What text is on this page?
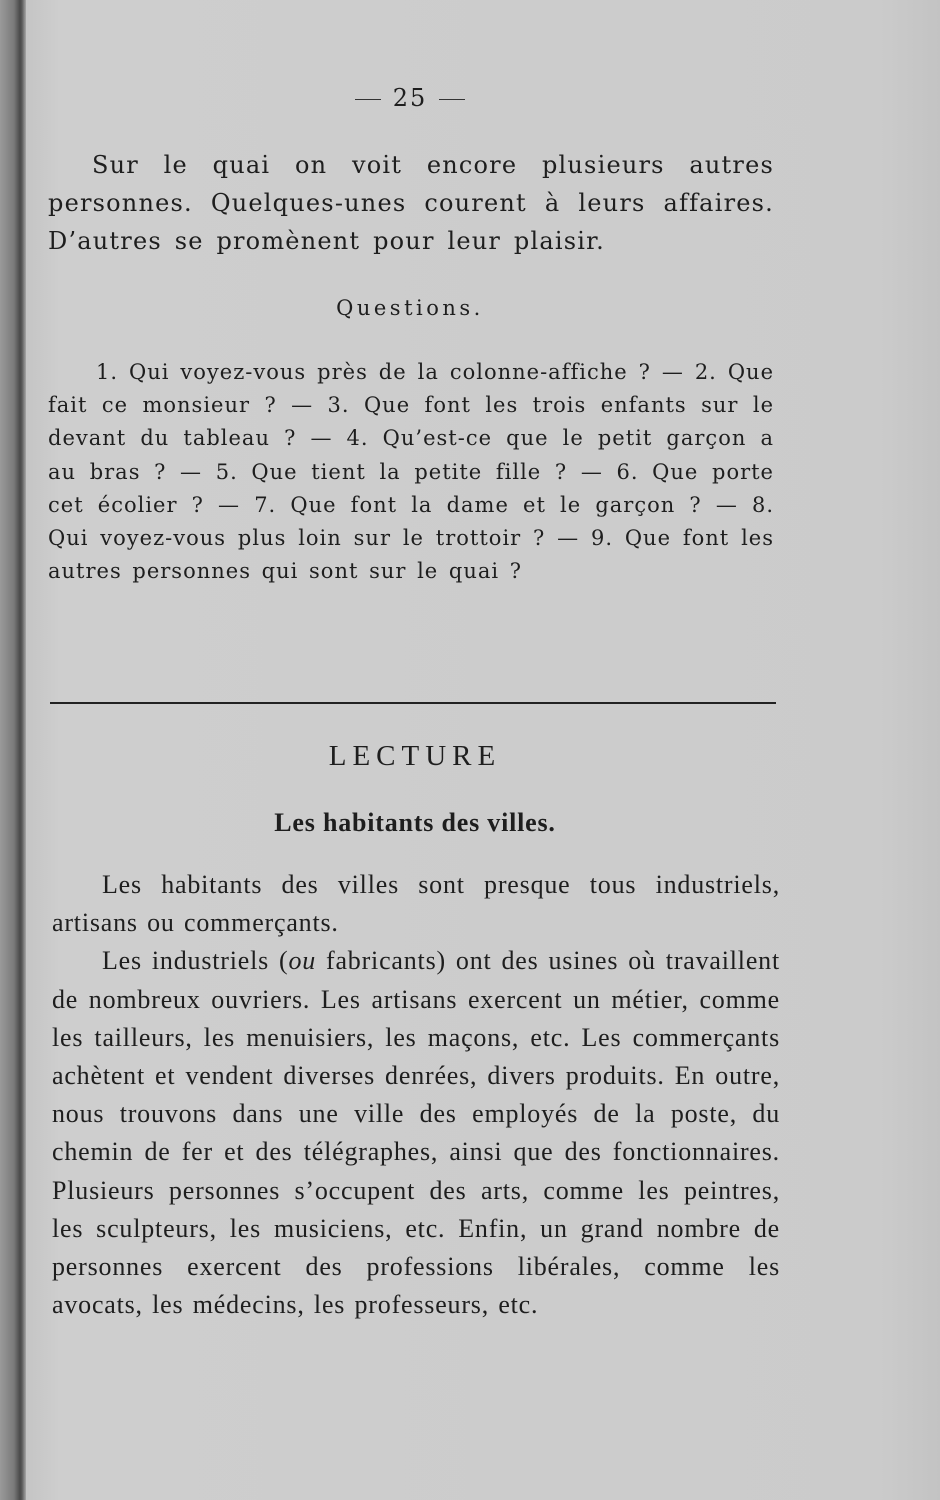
25
Sur le quai on voit encore plusieurs autres personnes. Quelques-unes courent à leurs affaires. D’autres se promènent pour leur plaisir.
Questions.
1. Qui voyez-vous près de la colonne-affiche ? — 2. Que fait ce monsieur ? — 3. Que font les trois enfants sur le devant du tableau ? — 4. Qu’est-ce que le petit garçon a au bras ? — 5. Que tient la petite fille ? — 6. Que porte cet écolier ? — 7. Que font la dame et le garçon ? — 8. Qui voyez-vous plus loin sur le trottoir ? — 9. Que font les autres personnes qui sont sur le quai ?
LECTURE
Les habitants des villes.

Les habitants des villes sont presque tous industriels, artisans ou commerçants.

Les industriels (ou fabricants) ont des usines où travaillent de nombreux ouvriers. Les artisans exercent un métier, comme les tailleurs, les menuisiers, les maçons, etc. Les commerçants achètent et vendent diverses denrées, divers produits. En outre, nous trouvons dans une ville des employés de la poste, du chemin de fer et des télégraphes, ainsi que des fonctionnaires. Plusieurs personnes s’occupent des arts, comme les peintres, les sculpteurs, les musiciens, etc. Enfin, un grand nombre de personnes exercent des professions libérales, comme les avocats, les médecins, les professeurs, etc.
